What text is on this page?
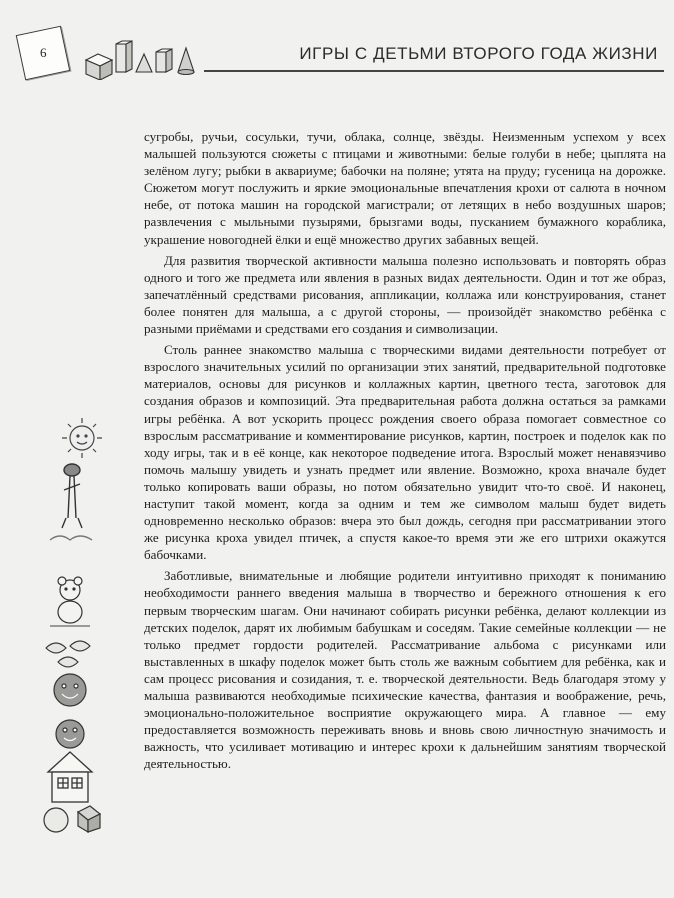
6	ИГРЫ С ДЕТЬМИ ВТОРОГО ГОДА ЖИЗНИ

сугробы, ручьи, сосульки, тучи, облака, солнце, звёзды. Неизменным успехом у всех малышей пользуются сюжеты с птицами и животными: белые голуби в небе; цыплята на зелёном лугу; рыбки в аквариуме; бабочки на поляне; утята на пруду; гусеница на дорожке. Сюжетом могут послужить и яркие эмоциональные впечатления крохи от салюта в ночном небе, от потока машин на городской магистрали; от летящих в небо воздушных шаров; развлечения с мыльными пузырями, брызгами воды, пусканием бумажного кораблика, украшение новогодней ёлки и ещё множество других забавных вещей.

Для развития творческой активности малыша полезно использовать и повторять образ одного и того же предмета или явления в разных видах деятельности. Один и тот же образ, запечатлённый средствами рисования, аппликации, коллажа или конструирования, станет более понятен для малыша, а с другой стороны, — произойдёт знакомство ребёнка с разными приёмами и средствами его создания и символизации.

Столь раннее знакомство малыша с творческими видами деятельности потребует от взрослого значительных усилий по организации этих занятий, предварительной подготовке материалов, основы для рисунков и коллажных картин, цветного теста, заготовок для создания образов и композиций. Эта предварительная работа должна остаться за рамками игры ребёнка. А вот ускорить процесс рождения своего образа помогает совместное со взрослым рассматривание и комментирование рисунков, картин, построек и поделок как по ходу игры, так и в её конце, как некоторое подведение итога. Взрослый может ненавязчиво помочь малышу увидеть и узнать предмет или явление. Возможно, кроха вначале будет только копировать ваши образы, но потом обязательно увидит что-то своё. И наконец, наступит такой момент, когда за одним и тем же символом малыш будет видеть одновременно несколько образов: вчера это был дождь, сегодня при рассматривании этого же рисунка кроха увидел птичек, а спустя какое-то время эти же его штрихи окажутся бабочками.

Заботливые, внимательные и любящие родители интуитивно приходят к пониманию необходимости раннего введения малыша в творчество и бережного отношения к его первым творческим шагам. Они начинают собирать рисунки ребёнка, делают коллекции из детских поделок, дарят их любимым бабушкам и соседям. Такие семейные коллекции — не только предмет гордости родителей. Рассматривание альбома с рисунками или выставленных в шкафу поделок может быть столь же важным событием для ребёнка, как и сам процесс рисования и созидания, т. е. творческой деятельности. Ведь благодаря этому у малыша развиваются необходимые психические качества, фантазия и воображение, речь, эмоционально-положительное восприятие окружающего мира. А главное — ему предоставляется возможность переживать вновь и вновь свою личностную значимость и важность, что усиливает мотивацию и интерес крохи к дальнейшим занятиям творческой деятельностью.
